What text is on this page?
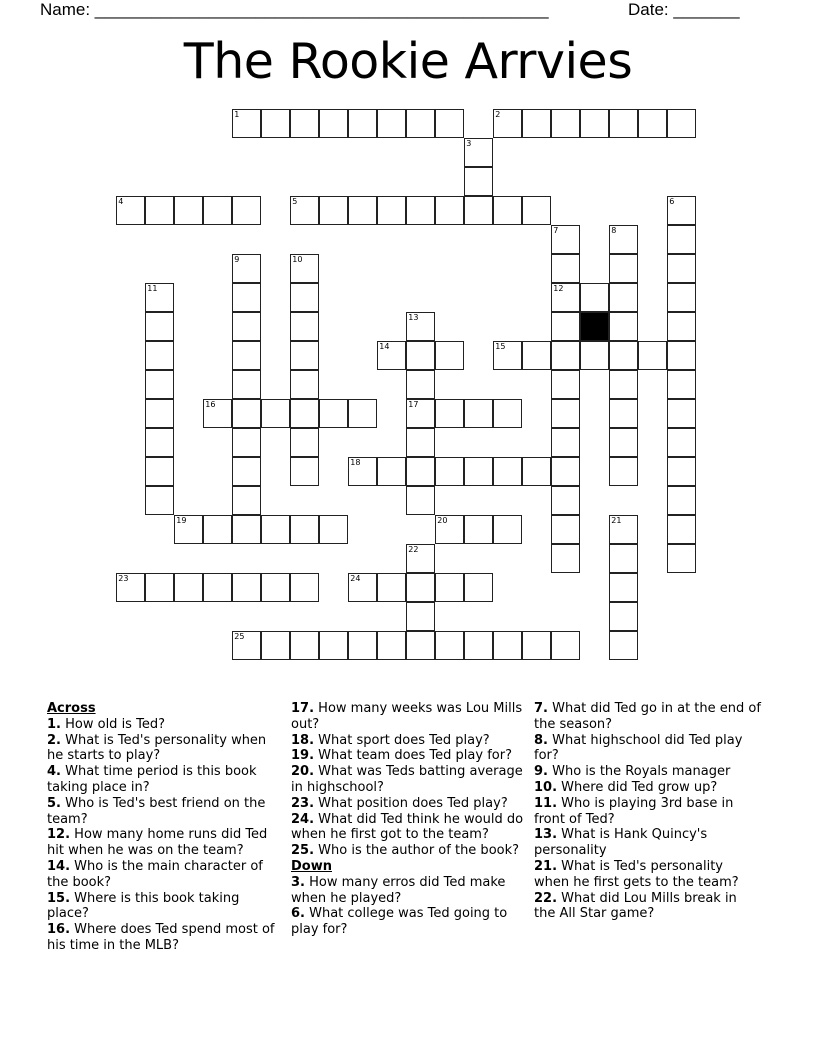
Name: ________________________________________________	Date: _______
The Rookie Arrvies
1	2
3
4	5	6
7
12
8
9	10
11
13
17
14	15
16
18
19	20	21
22
23	24
25
Across
1. How old is Ted?
2. What is Ted's personality when he starts to play?
4. What time period is this book taking place in?
5. Who is Ted's best friend on the team?
12. How many home runs did Ted hit when he was on the team?
14. Who is the main character of the book?
15. Where is this book taking place?
16. Where does Ted spend most of his time in the MLB?
17. How many weeks was Lou Mills out?
18. What sport does Ted play?
19. What team does Ted play for?
20. What was Teds batting average in highschool?
23. What position does Ted play?
24. What did Ted think he would do when he first got to the team?
25. Who is the author of the book?
Down
3. How many erros did Ted make when he played?
6. What college was Ted going to play for?
7. What did Ted go in at the end of the season?
8. What highschool did Ted play for?
9. Who is the Royals manager
10. Where did Ted grow up?
11. Who is playing 3rd base in front of Ted?
13. What is Hank Quincy's personality
21. What is Ted's personality when he first gets to the team?
22. What did Lou Mills break in the All Star game?
